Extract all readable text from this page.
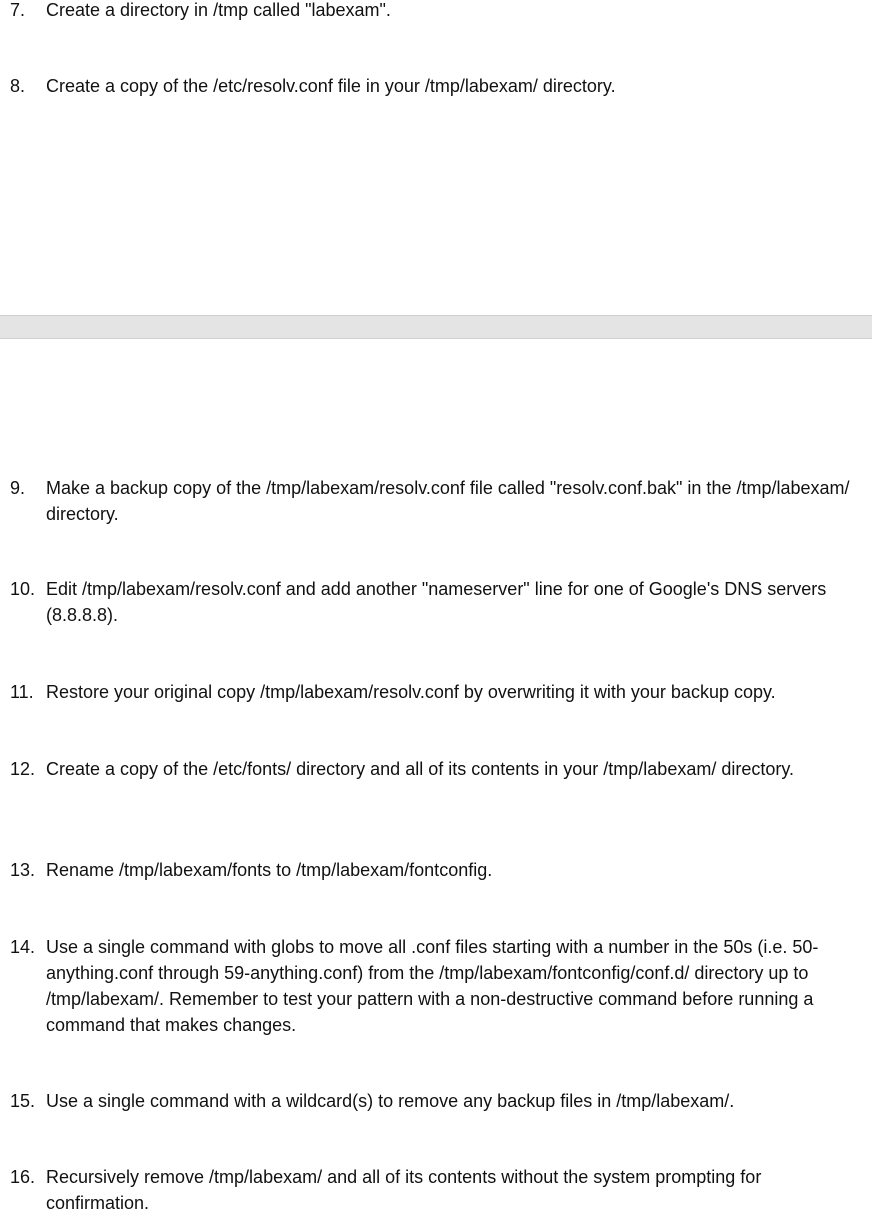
7. Create a directory in /tmp called "labexam".
8. Create a copy of the /etc/resolv.conf file in your /tmp/labexam/ directory.
9. Make a backup copy of the /tmp/labexam/resolv.conf file called "resolv.conf.bak" in the /tmp/labexam/ directory.
10. Edit /tmp/labexam/resolv.conf and add another "nameserver" line for one of Google's DNS servers (8.8.8.8).
11. Restore your original copy /tmp/labexam/resolv.conf by overwriting it with your backup copy.
12. Create a copy of the /etc/fonts/ directory and all of its contents in your /tmp/labexam/ directory.
13. Rename /tmp/labexam/fonts to /tmp/labexam/fontconfig.
14. Use a single command with globs to move all .conf files starting with a number in the 50s (i.e. 50-anything.conf through 59-anything.conf) from the /tmp/labexam/fontconfig/conf.d/ directory up to /tmp/labexam/. Remember to test your pattern with a non-destructive command before running a command that makes changes.
15. Use a single command with a wildcard(s) to remove any backup files in /tmp/labexam/.
16. Recursively remove /tmp/labexam/ and all of its contents without the system prompting for confirmation.
